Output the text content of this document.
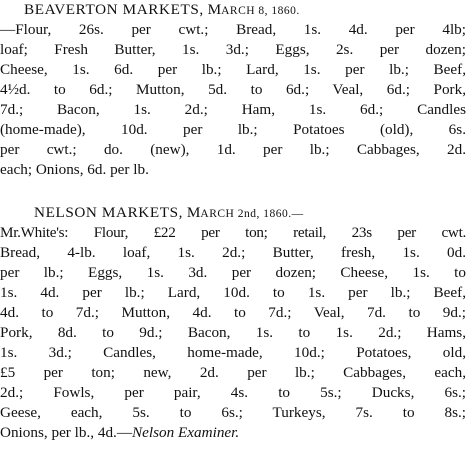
BEAVERTON MARKETS, MARCH 8, 1860.
—Flour, 26s. per cwt.; Bread, 1s. 4d. per 4lb;
loaf; Fresh Butter, 1s. 3d.; Eggs, 2s. per dozen;
Cheese, 1s. 6d. per lb.; Lard, 1s. per lb.; Beef,
4½d. to 6d.; Mutton, 5d. to 6d.; Veal, 6d.; Pork,
7d.; Bacon, 1s. 2d.; Ham, 1s. 6d.; Candles
(home-made), 10d. per lb.; Potatoes (old), 6s.
per cwt.; do. (new), 1d. per lb.; Cabbages, 2d.
each; Onions, 6d. per lb.
NELSON MARKETS, MARCH 2nd, 1860.—
Mr.White's: Flour, £22 per ton; retail, 23s per cwt.
Bread, 4-lb. loaf, 1s. 2d.; Butter, fresh, 1s. 0d.
per lb.; Eggs, 1s. 3d. per dozen; Cheese, 1s. to
1s. 4d. per lb.; Lard, 10d. to 1s. per lb.; Beef,
4d. to 7d.; Mutton, 4d. to 7d.; Veal, 7d. to 9d.;
Pork, 8d. to 9d.; Bacon, 1s. to 1s. 2d.; Hams,
1s. 3d.; Candles, home-made, 10d.; Potatoes, old,
£5 per ton; new, 2d. per lb.; Cabbages, each,
2d.; Fowls, per pair, 4s. to 5s.; Ducks, 6s.;
Geese, each, 5s. to 6s.; Turkeys, 7s. to 8s.;
Onions, per lb., 4d.—Nelson Examiner.
